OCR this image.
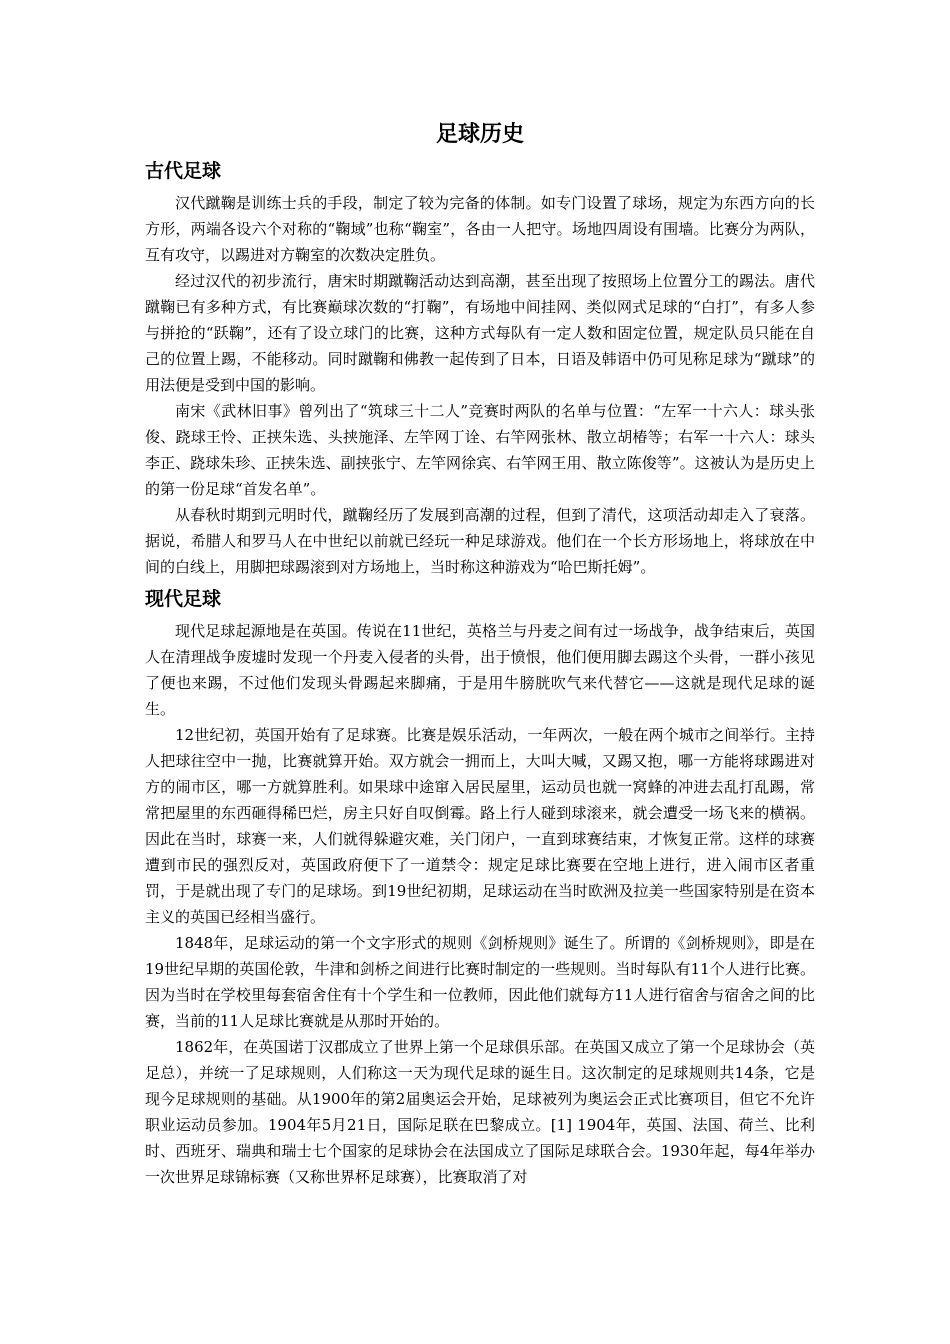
足球历史
古代足球

汉代蹴鞠是训练士兵的手段，制定了较为完备的体制。如专门设置了球场，规定为东西方向的长方形，两端各设六个对称的“鞠域”也称“鞠室”，各由一人把守。场地四周设有围墙。比赛分为两队，互有攻守，以踢进对方鞠室的次数决定胜负。

经过汉代的初步流行，唐宋时期蹴鞠活动达到高潮，甚至出现了按照场上位置分工的踢法。唐代蹴鞠已有多种方式，有比赛巅球次数的“打鞠”，有场地中间挂网、类似网式足球的“白打”，有多人参与拼抢的“跃鞠”，还有了设立球门的比赛，这种方式每队有一定人数和固定位置，规定队员只能在自己的位置上踢，不能移动。同时蹴鞠和佛教一起传到了日本，日语及韩语中仍可见称足球为“蹴球”的用法便是受到中国的影响。

南宋《武林旧事》曾列出了“筑球三十二人”竞赛时两队的名单与位置：“左军一十六人：球头张俊、跷球王怜、正挟朱选、头挟施泽、左竿网丁诠、右竿网张林、散立胡椿等；右军一十六人：球头李正、跷球朱珍、正挟朱选、副挟张宁、左竿网徐宾、右竿网王用、散立陈俊等”。这被认为是历史上的第一份足球“首发名单”。

从春秋时期到元明时代，蹴鞠经历了发展到高潮的过程，但到了清代，这项活动却走入了衰落。据说，希腊人和罗马人在中世纪以前就已经玩一种足球游戏。他们在一个长方形场地上，将球放在中间的白线上，用脚把球踢滚到对方场地上，当时称这种游戏为“哈巴斯托姆”。

现代足球

现代足球起源地是在英国。传说在11世纪，英格兰与丹麦之间有过一场战争，战争结束后，英国人在清理战争废墟时发现一个丹麦入侵者的头骨，出于愤恨，他们便用脚去踢这个头骨，一群小孩见了便也来踢，不过他们发现头骨踢起来脚痛，于是用牛膀胱吹气来代替它——这就是现代足球的诞生。

12世纪初，英国开始有了足球赛。比赛是娱乐活动，一年两次，一般在两个城市之间举行。主持人把球往空中一抛，比赛就算开始。双方就会一拥而上，大叫大喊，又踢又抱，哪一方能将球踢进对方的闹市区，哪一方就算胜利。如果球中途窜入居民屋里，运动员也就一窝蜂的冲进去乱打乱踢，常常把屋里的东西砸得稀巴烂，房主只好自叹倒霉。路上行人碰到球滚来，就会遭受一场飞来的横祸。因此在当时，球赛一来，人们就得躲避灾难，关门闭户，一直到球赛结束，才恢复正常。这样的球赛遭到市民的强烈反对，英国政府便下了一道禁令：规定足球比赛要在空地上进行，进入闹市区者重罚，于是就出现了专门的足球场。到19世纪初期，足球运动在当时欧洲及拉美一些国家特别是在资本主义的英国已经相当盛行。

1848年，足球运动的第一个文字形式的规则《剑桥规则》诞生了。所谓的《剑桥规则》，即是在19世纪早期的英国伦敦，牛津和剑桥之间进行比赛时制定的一些规则。当时每队有11个人进行比赛。因为当时在学校里每套宿舍住有十个学生和一位教师，因此他们就每方11人进行宿舍与宿舍之间的比赛，当前的11人足球比赛就是从那时开始的。

1862年，在英国诺丁汉郡成立了世界上第一个足球俱乐部。在英国又成立了第一个足球协会（英足总），并统一了足球规则，人们称这一天为现代足球的诞生日。这次制定的足球规则共14条，它是现今足球规则的基础。从1900年的第2届奥运会开始，足球被列为奥运会正式比赛项目，但它不允许职业运动员参加。1904年5月21日，国际足联在巴黎成立。[1] 1904年，英国、法国、荷兰、比利时、西班牙、瑞典和瑞士七个国家的足球协会在法国成立了国际足球联合会。1930年起，每4年举办一次世界足球锦标赛（又称世界杯足球赛），比赛取消了对
